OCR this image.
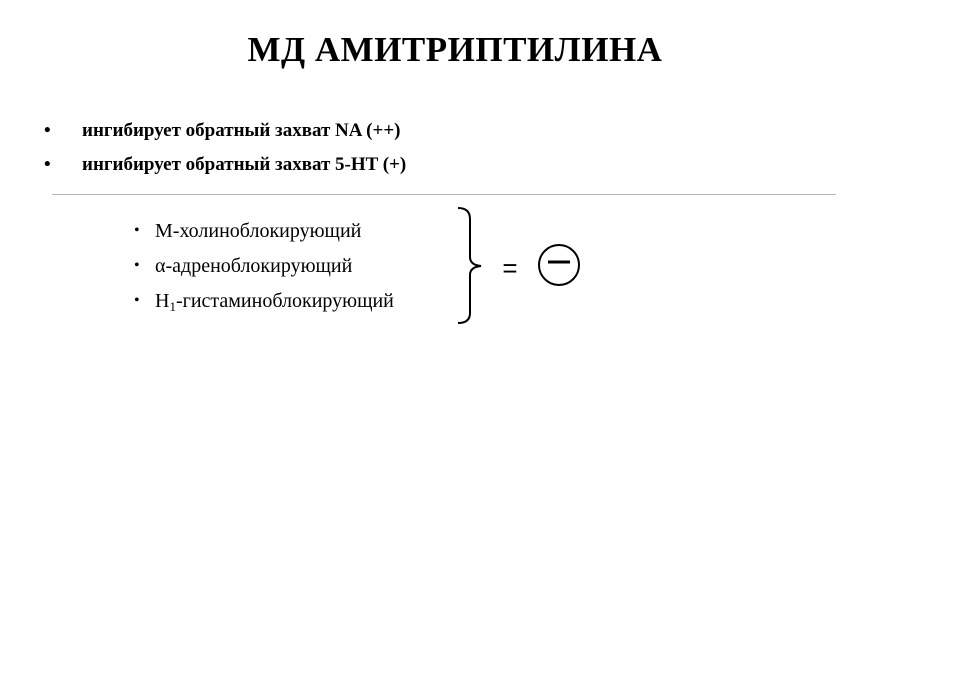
МД АМИТРИПТИЛИНА
• ингибирует обратный захват NA (++)
• ингибирует обратный захват 5-HT (+)
• М-холиноблокирующий
• α-адреноблокирующий
• $Н_1$-гистаминоблокирующий
=
